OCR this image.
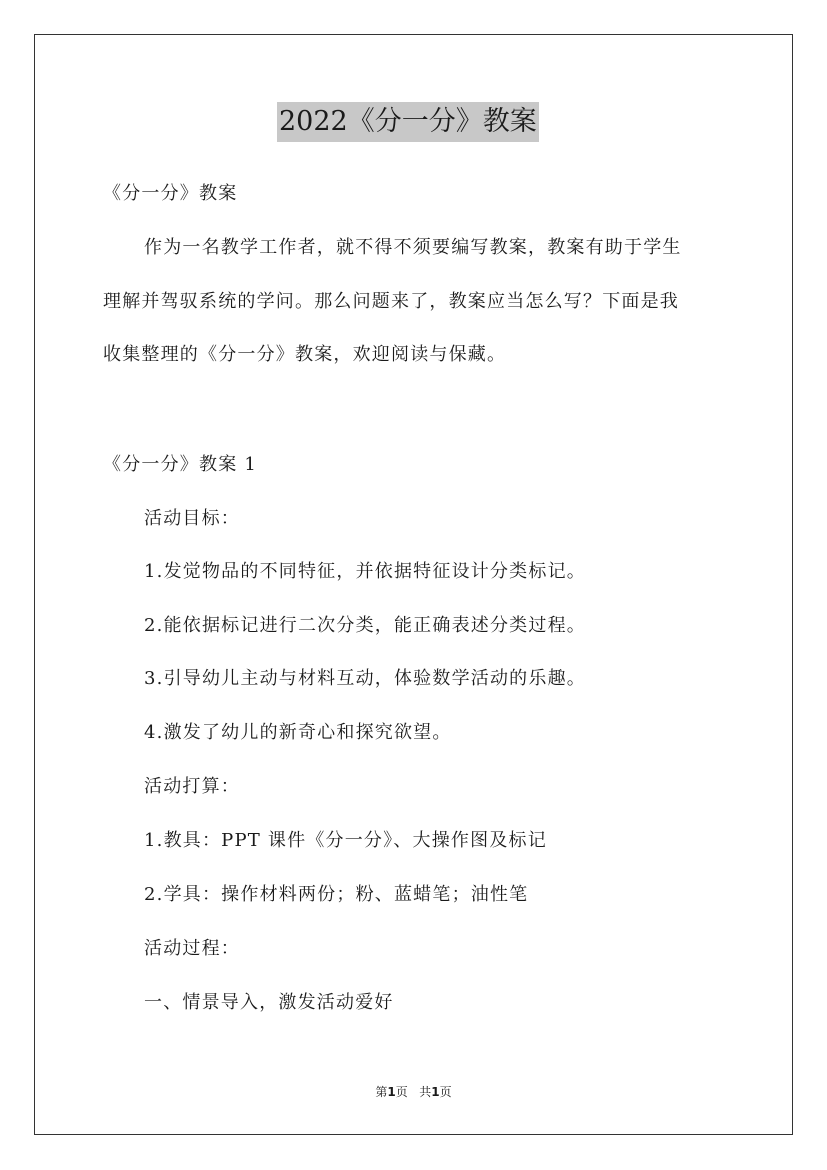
2022《分一分》教案
《分一分》教案
作为一名教学工作者，就不得不须要编写教案，教案有助于学生
理解并驾驭系统的学问。那么问题来了，教案应当怎么写？下面是我
收集整理的《分一分》教案，欢迎阅读与保藏。
《分一分》教案 1
活动目标：
1.发觉物品的不同特征，并依据特征设计分类标记。
2.能依据标记进行二次分类，能正确表述分类过程。
3.引导幼儿主动与材料互动，体验数学活动的乐趣。
4.激发了幼儿的新奇心和探究欲望。
活动打算：
1.教具：PPT 课件《分一分》、大操作图及标记
2.学具：操作材料两份；粉、蓝蜡笔；油性笔
活动过程：
一、情景导入，激发活动爱好
第1页 共1页
